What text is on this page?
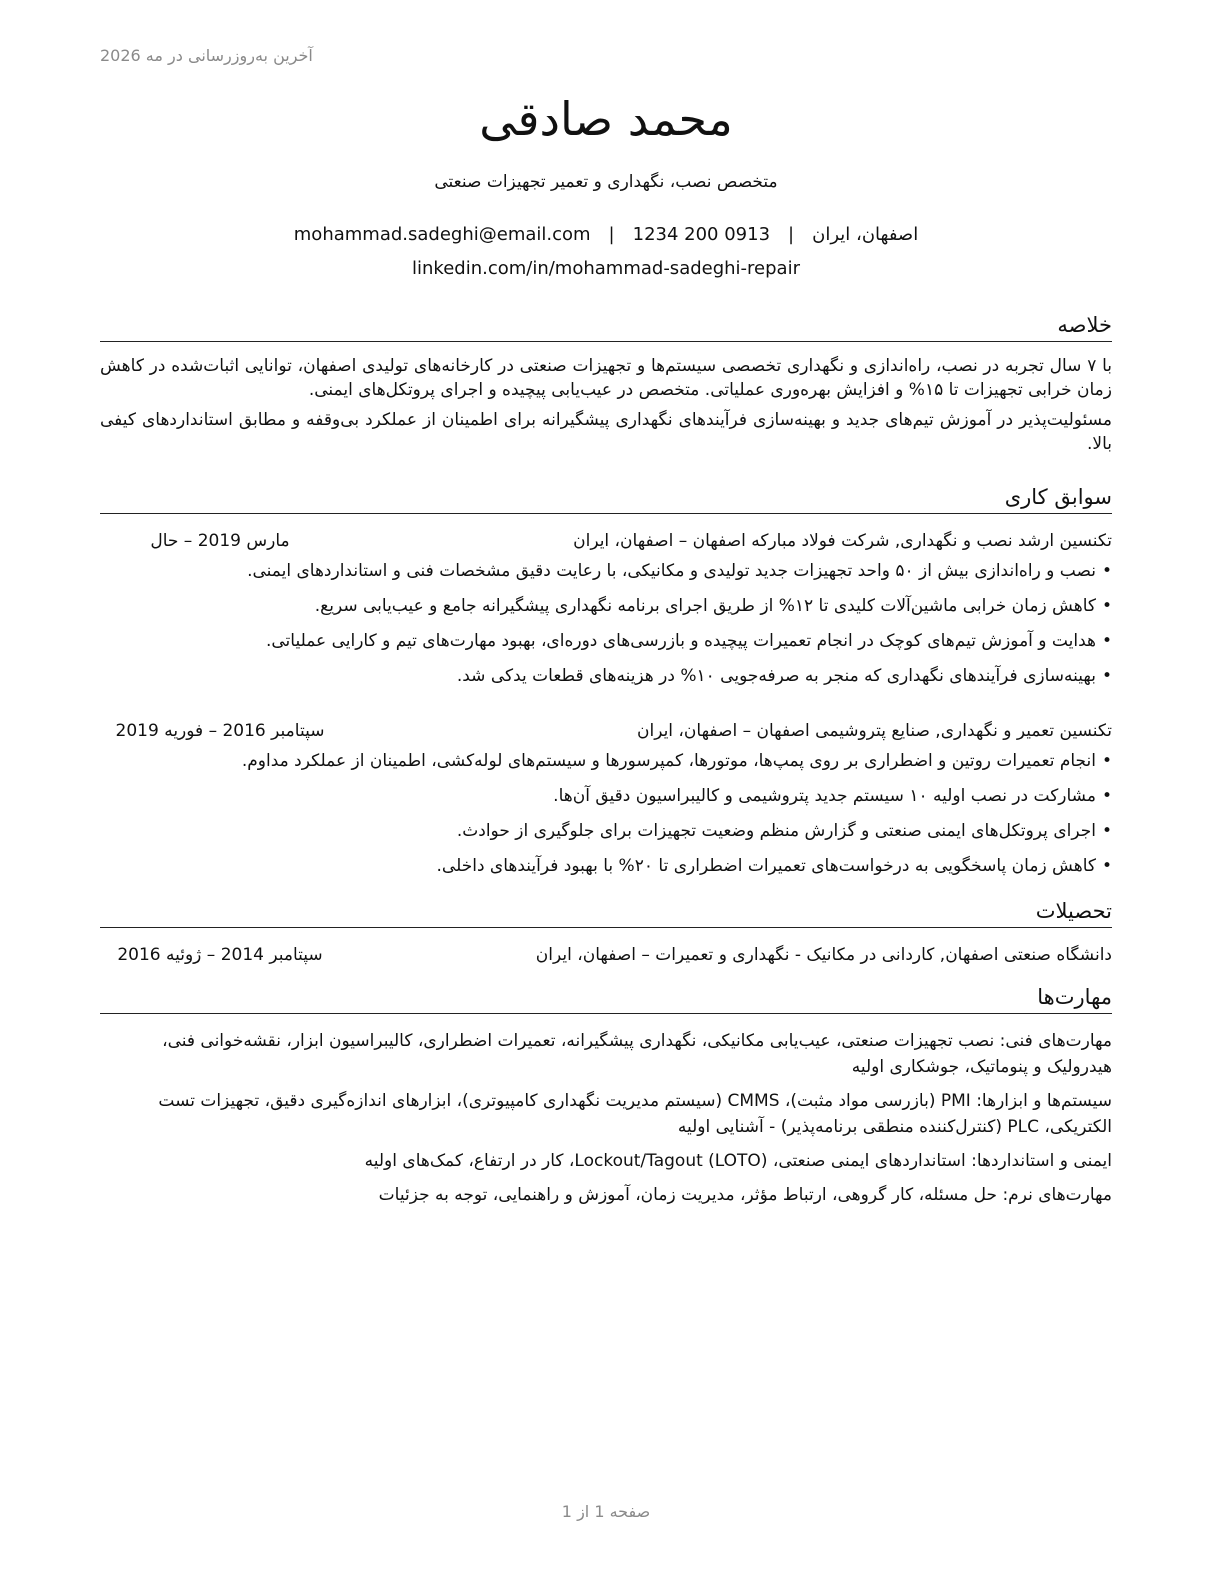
آخرین به‌روزرسانی در مه 2026
محمد صادقی
متخصص نصب، نگهداری و تعمیر تجهیزات صنعتی
اصفهان، ایران|mohammad.sadeghi@email.com | 1234 200 0913
linkedin.com/in/mohammad-sadeghi-repair
خلاصه
با ۷ سال تجربه در نصب، راه‌اندازی و نگهداری تخصصی سیستم‌ها و تجهیزات صنعتی در کارخانه‌های تولیدی اصفهان، توانایی اثبات‌شده در کاهش زمان خرابی تجهیزات تا ۱۵% و افزایش بهره‌وری عملیاتی. متخصص در عیب‌یابی پیچیده و اجرای پروتکل‌های ایمنی.
مسئولیت‌پذیر در آموزش تیم‌های جدید و بهینه‌سازی فرآیندهای نگهداری پیشگیرانه برای اطمینان از عملکرد بی‌وقفه و مطابق استانداردهای کیفی بالا.
سوابق کاری
تکنسین ارشد نصب و نگهداری, شرکت فولاد مبارکه اصفهان – اصفهان، ایران
مارس 2019 – حال
• نصب و راه‌اندازی بیش از ۵۰ واحد تجهیزات جدید تولیدی و مکانیکی، با رعایت دقیق مشخصات فنی و استانداردهای ایمنی.
• کاهش زمان خرابی ماشین‌آلات کلیدی تا ۱۲% از طریق اجرای برنامه نگهداری پیشگیرانه جامع و عیب‌یابی سریع.
• هدایت و آموزش تیم‌های کوچک در انجام تعمیرات پیچیده و بازرسی‌های دوره‌ای، بهبود مهارت‌های تیم و کارایی عملیاتی.
• بهینه‌سازی فرآیندهای نگهداری که منجر به صرفه‌جویی ۱۰% در هزینه‌های قطعات یدکی شد.
تکنسین تعمیر و نگهداری, صنایع پتروشیمی اصفهان – اصفهان، ایران
سپتامبر 2016 – فوریه 2019
• انجام تعمیرات روتین و اضطراری بر روی پمپ‌ها، موتورها، کمپرسورها و سیستم‌های لوله‌کشی، اطمینان از عملکرد مداوم.
• مشارکت در نصب اولیه ۱۰ سیستم جدید پتروشیمی و کالیبراسیون دقیق آن‌ها.
• اجرای پروتکل‌های ایمنی صنعتی و گزارش منظم وضعیت تجهیزات برای جلوگیری از حوادث.
• کاهش زمان پاسخگویی به درخواست‌های تعمیرات اضطراری تا ۲۰% با بهبود فرآیندهای داخلی.
تحصیلات
دانشگاه صنعتی اصفهان, کاردانی در مکانیک - نگهداری و تعمیرات – اصفهان، ایران
سپتامبر 2014 – ژوئیه 2016
مهارت‌ها
مهارت‌های فنی: نصب تجهیزات صنعتی، عیب‌یابی مکانیکی، نگهداری پیشگیرانه، تعمیرات اضطراری، کالیبراسیون ابزار، نقشه‌خوانی فنی، هیدرولیک و پنوماتیک، جوشکاری اولیه
سیستم‌ها و ابزارها: PMI (بازرسی مواد مثبت)، CMMS (سیستم مدیریت نگهداری کامپیوتری)، ابزارهای اندازه‌گیری دقیق، تجهیزات تست الکتریکی، PLC (کنترل‌کننده منطقی برنامه‌پذیر) - آشنایی اولیه
ایمنی و استانداردها: استانداردهای ایمنی صنعتی، Lockout/Tagout (LOTO)، کار در ارتفاع، کمک‌های اولیه
مهارت‌های نرم: حل مسئله، کار گروهی، ارتباط مؤثر، مدیریت زمان، آموزش و راهنمایی، توجه به جزئیات
صفحه 1 از 1
